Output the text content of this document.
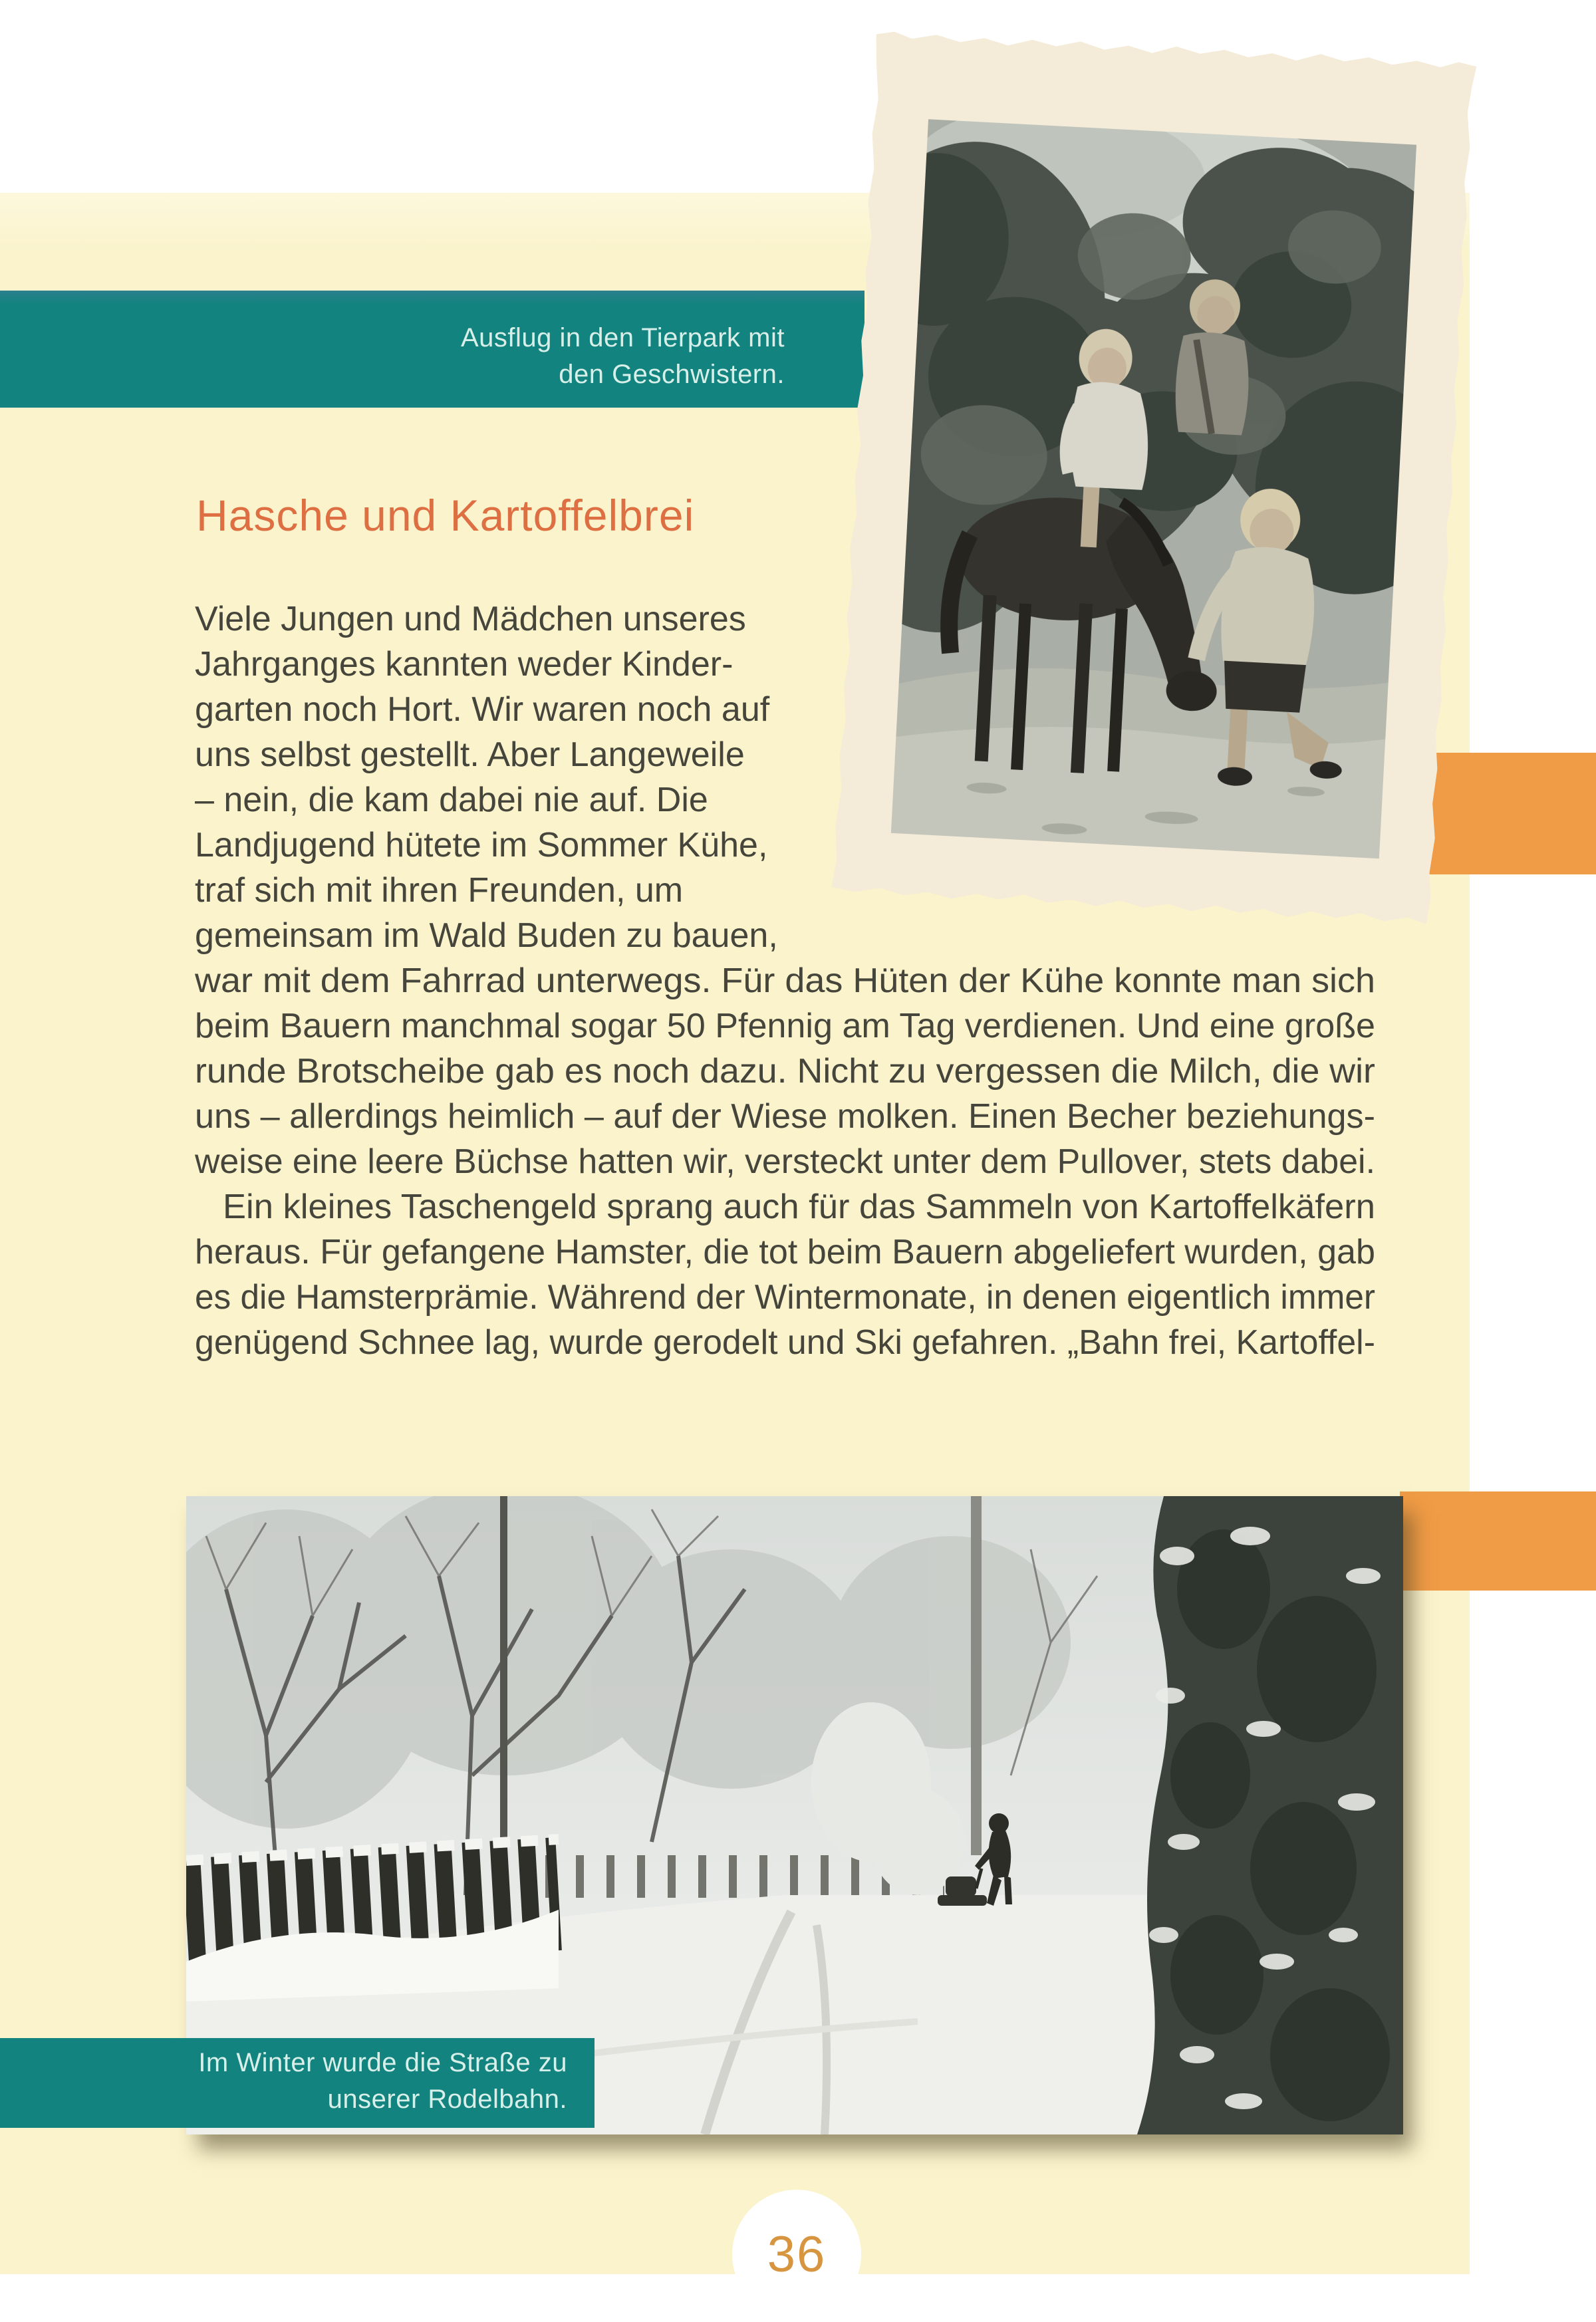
Ausflug in den Tierpark mit
den Geschwistern.
Hasche und Kartoffelbrei
Viele Jungen und Mädchen unseres
Jahrganges kannten weder Kinder-
garten noch Hort. Wir waren noch auf
uns selbst gestellt. Aber Langeweile
– nein, die kam dabei nie auf. Die
Landjugend hütete im Sommer Kühe,
traf sich mit ihren Freunden, um
gemeinsam im Wald Buden zu bauen,
war mit dem Fahrrad unterwegs. Für das Hüten der Kühe konnte man sich
beim Bauern manchmal sogar 50 Pfennig am Tag verdienen. Und eine große
runde Brotscheibe gab es noch dazu. Nicht zu vergessen die Milch, die wir
uns – allerdings heimlich – auf der Wiese molken. Einen Becher beziehungs-
weise eine leere Büchse hatten wir, versteckt unter dem Pullover, stets dabei.
Ein kleines Taschengeld sprang auch für das Sammeln von Kartoffelkäfern
heraus. Für gefangene Hamster, die tot beim Bauern abgeliefert wurden, gab
es die Hamsterprämie. Während der Wintermonate, in denen eigentlich immer
genügend Schnee lag, wurde gerodelt und Ski gefahren. „Bahn frei, Kartoffel-
Im Winter wurde die Straße zu
unserer Rodelbahn.
36
